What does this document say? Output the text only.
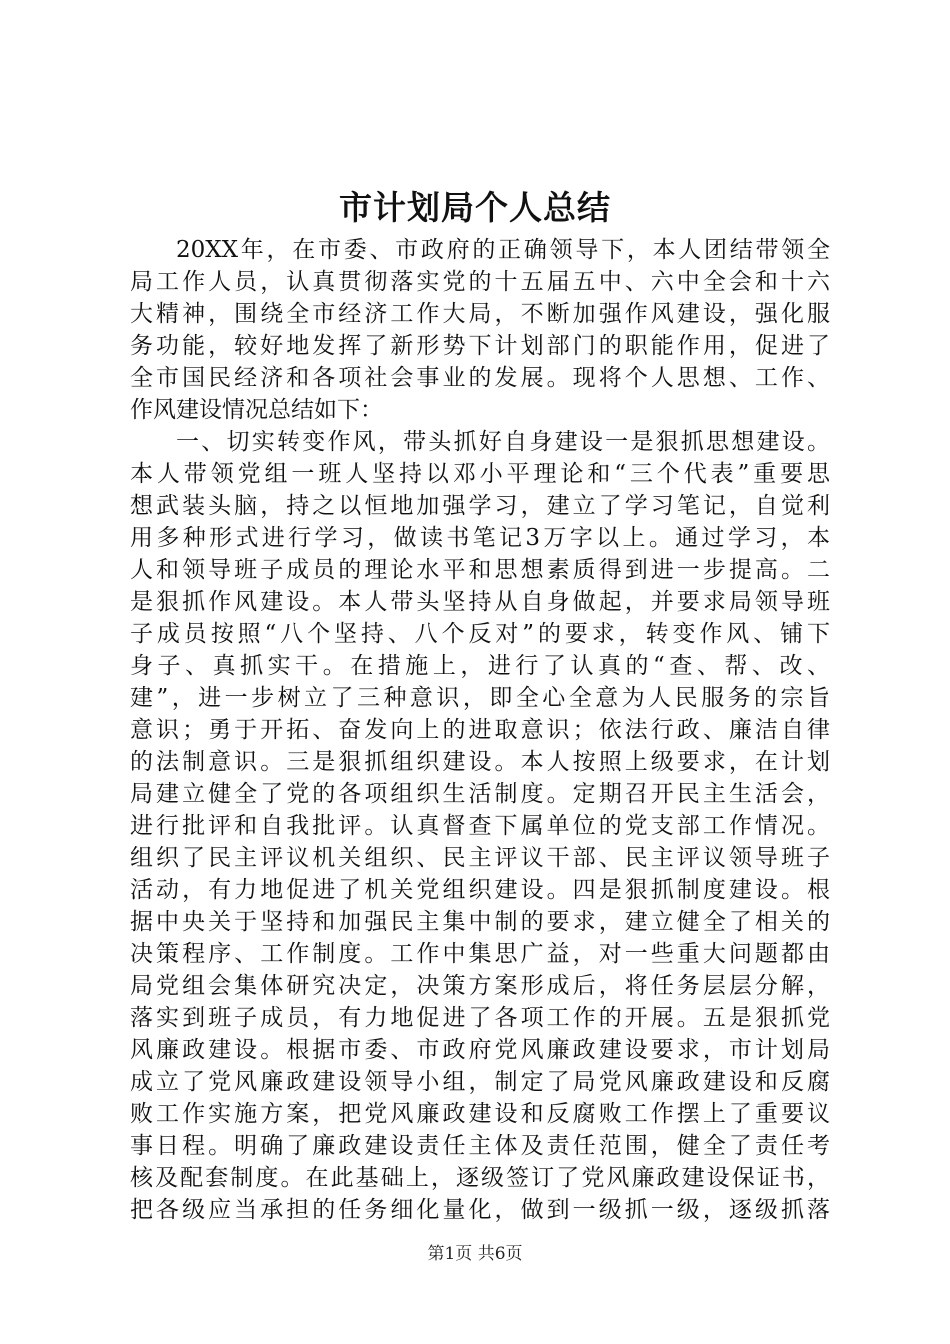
市计划局个人总结
20XX年，在市委、市政府的正确领导下，本人团结带领全
局工作人员，认真贯彻落实党的十五届五中、六中全会和十六
大精神，围绕全市经济工作大局，不断加强作风建设，强化服
务功能，较好地发挥了新形势下计划部门的职能作用，促进了
全市国民经济和各项社会事业的发展。现将个人思想、工作、
作风建设情况总结如下：
一、切实转变作风，带头抓好自身建设一是狠抓思想建设。
本人带领党组一班人坚持以邓小平理论和“三个代表”重要思
想武装头脑，持之以恒地加强学习，建立了学习笔记，自觉利
用多种形式进行学习，做读书笔记3万字以上。通过学习，本
人和领导班子成员的理论水平和思想素质得到进一步提高。二
是狠抓作风建设。本人带头坚持从自身做起，并要求局领导班
子成员按照“八个坚持、八个反对”的要求，转变作风、铺下
身子、真抓实干。在措施上，进行了认真的“查、帮、改、
建”，进一步树立了三种意识，即全心全意为人民服务的宗旨
意识；勇于开拓、奋发向上的进取意识；依法行政、廉洁自律
的法制意识。三是狠抓组织建设。本人按照上级要求，在计划
局建立健全了党的各项组织生活制度。定期召开民主生活会，
进行批评和自我批评。认真督查下属单位的党支部工作情况。
组织了民主评议机关组织、民主评议干部、民主评议领导班子
活动，有力地促进了机关党组织建设。四是狠抓制度建设。根
据中央关于坚持和加强民主集中制的要求，建立健全了相关的
决策程序、工作制度。工作中集思广益，对一些重大问题都由
局党组会集体研究决定，决策方案形成后，将任务层层分解，
落实到班子成员，有力地促进了各项工作的开展。五是狠抓党
风廉政建设。根据市委、市政府党风廉政建设要求，市计划局
成立了党风廉政建设领导小组，制定了局党风廉政建设和反腐
败工作实施方案，把党风廉政建设和反腐败工作摆上了重要议
事日程。明确了廉政建设责任主体及责任范围，健全了责任考
核及配套制度。在此基础上，逐级签订了党风廉政建设保证书，
把各级应当承担的任务细化量化，做到一级抓一级，逐级抓落
第1页 共6页
